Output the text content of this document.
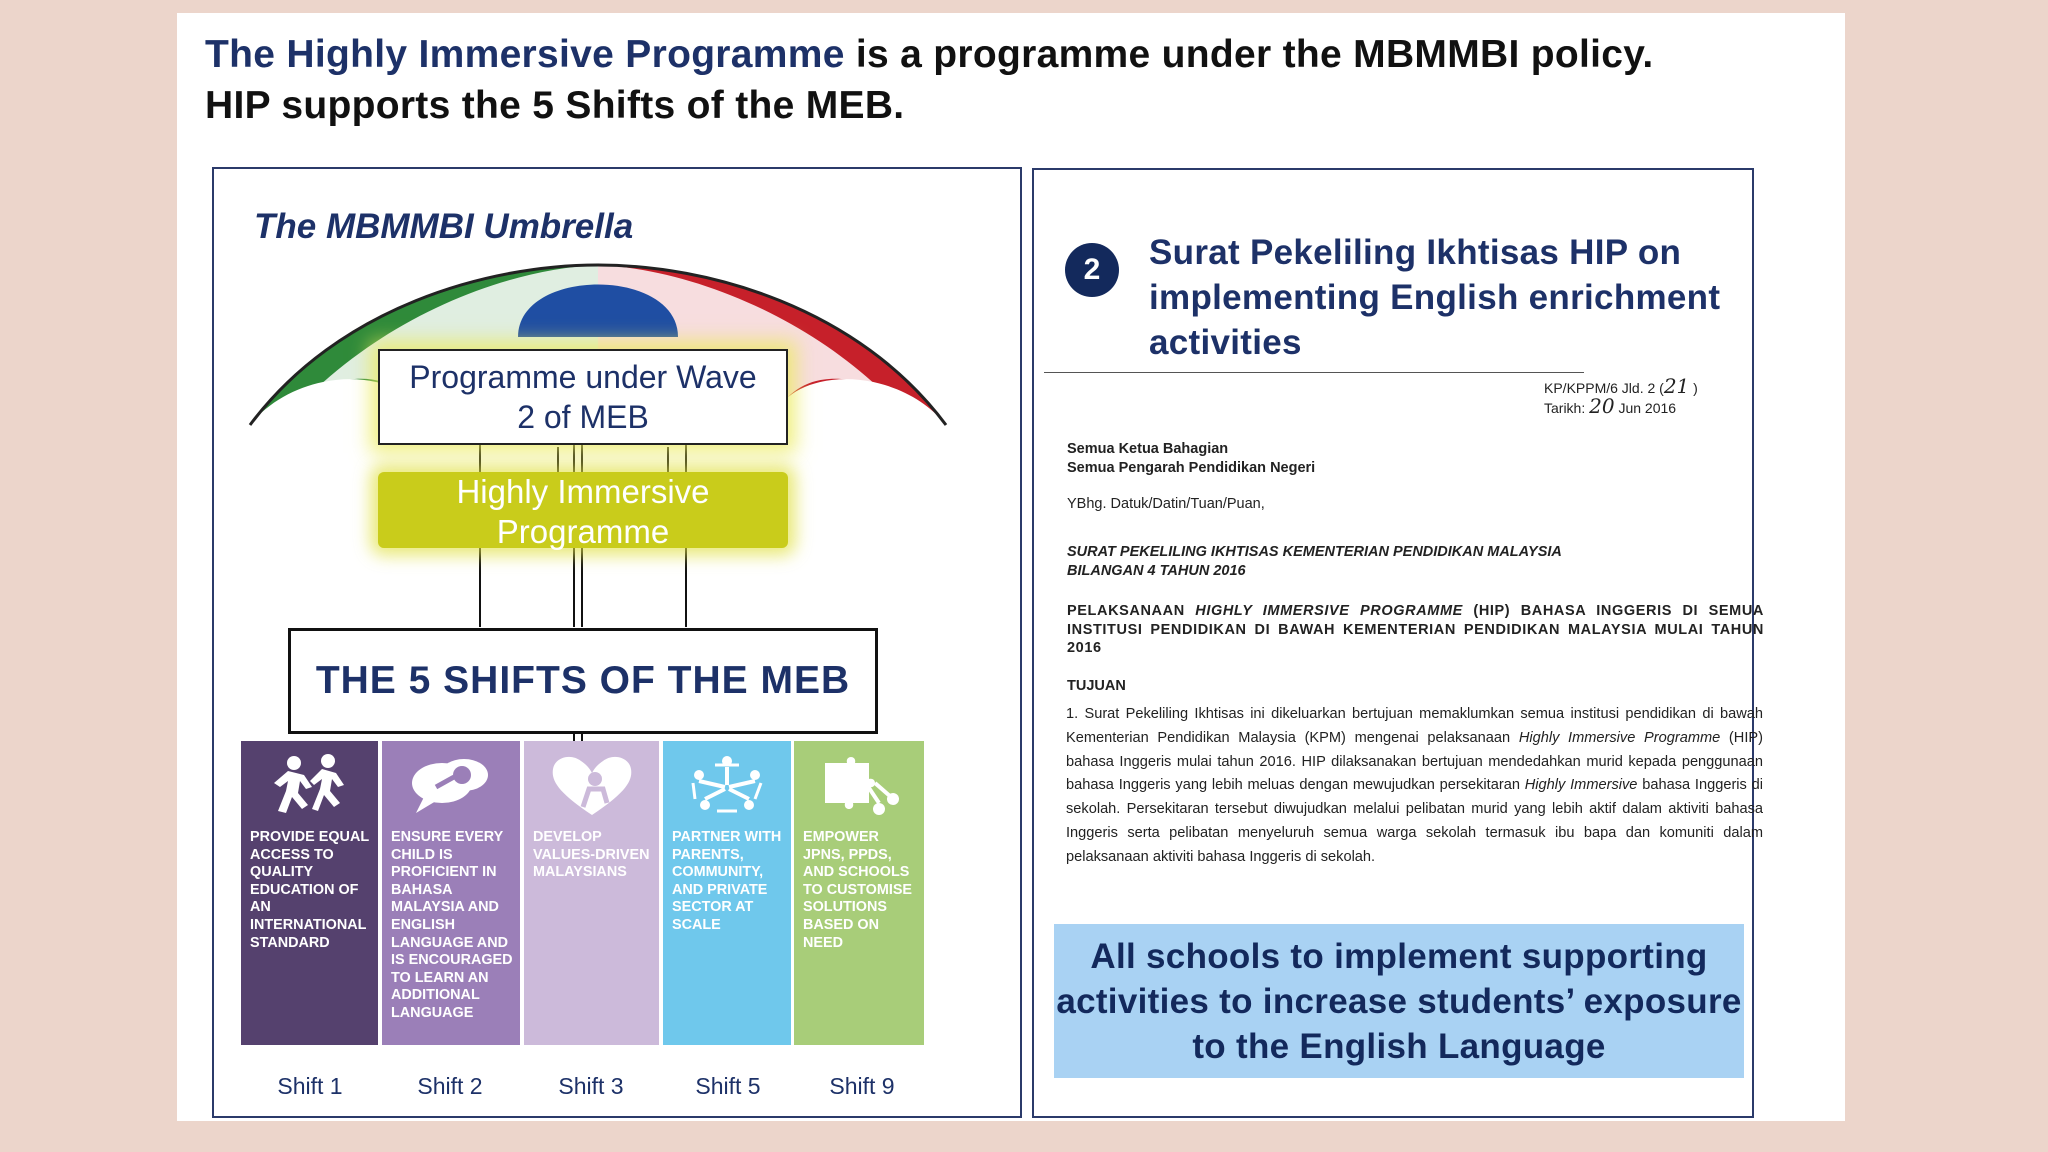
The Highly Immersive Programme is a programme under the MBMMBI policy.
HIP supports the 5 Shifts of the MEB.
The MBMMBI Umbrella
Programme under Wave
2 of MEB
Highly Immersive
Programme
THE 5 SHIFTS OF THE MEB
PROVIDE EQUAL ACCESS TO QUALITY EDUCATION OF AN INTERNATIONAL STANDARD
ENSURE EVERY CHILD IS PROFICIENT IN BAHASA MALAYSIA AND ENGLISH LANGUAGE AND IS ENCOURAGED TO LEARN AN ADDITIONAL LANGUAGE
DEVELOP VALUES-DRIVEN MALAYSIANS
PARTNER WITH PARENTS, COMMUNITY, AND PRIVATE SECTOR AT SCALE
EMPOWER JPNS, PPDS, AND SCHOOLS TO CUSTOMISE SOLUTIONS BASED ON NEED
Shift 1	Shift 2	Shift 3	Shift 5	Shift 9
2	Surat Pekeliling Ikhtisas HIP on implementing English enrichment activities
KP/KPPM/6 Jld. 2 (21 )
Tarikh: 20 Jun 2016
Semua Ketua Bahagian
Semua Pengarah Pendidikan Negeri
YBhg. Datuk/Datin/Tuan/Puan,
SURAT PEKELILING IKHTISAS KEMENTERIAN PENDIDIKAN MALAYSIA
BILANGAN 4 TAHUN 2016
PELAKSANAAN HIGHLY IMMERSIVE PROGRAMME (HIP) BAHASA INGGERIS DI SEMUA INSTITUSI PENDIDIKAN DI BAWAH KEMENTERIAN PENDIDIKAN MALAYSIA MULAI TAHUN 2016
TUJUAN
1. Surat Pekeliling Ikhtisas ini dikeluarkan bertujuan memaklumkan semua institusi pendidikan di bawah Kementerian Pendidikan Malaysia (KPM) mengenai pelaksanaan Highly Immersive Programme (HIP) bahasa Inggeris mulai tahun 2016. HIP dilaksanakan bertujuan mendedahkan murid kepada penggunaan bahasa Inggeris yang lebih meluas dengan mewujudkan persekitaran Highly Immersive bahasa Inggeris di sekolah. Persekitaran tersebut diwujudkan melalui pelibatan murid yang lebih aktif dalam aktiviti bahasa Inggeris serta pelibatan menyeluruh semua warga sekolah termasuk ibu bapa dan komuniti dalam pelaksanaan aktiviti bahasa Inggeris di sekolah.
All schools to implement supporting activities to increase students’ exposure to the English Language
